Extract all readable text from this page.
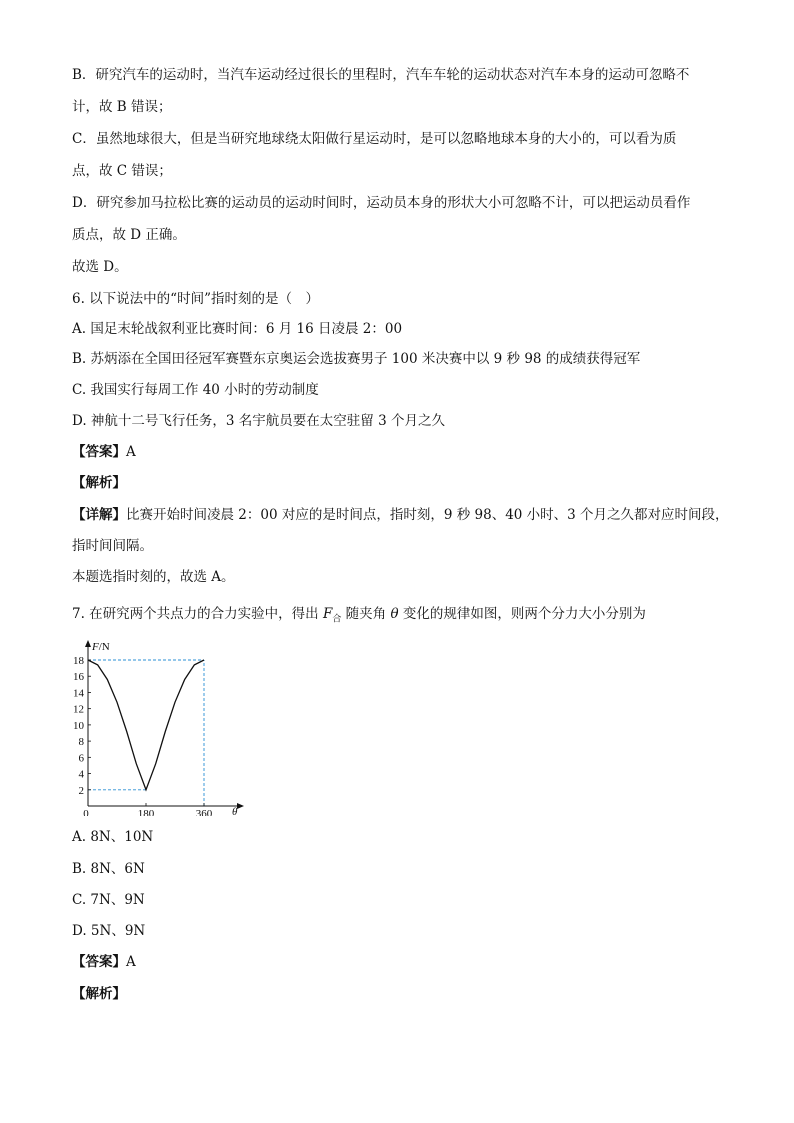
B．研究汽车的运动时，当汽车运动经过很长的里程时，汽车车轮的运动状态对汽车本身的运动可忽略不
计，故 B 错误；
C．虽然地球很大，但是当研究地球绕太阳做行星运动时，是可以忽略地球本身的大小的，可以看为质
点，故 C 错误；
D．研究参加马拉松比赛的运动员的运动时间时，运动员本身的形状大小可忽略不计，可以把运动员看作
质点，故 D 正确。
故选 D。
6. 以下说法中的“时间”指时刻的是（　）
A. 国足末轮战叙利亚比赛时间：6 月 16 日凌晨 2：00
B. 苏炳添在全国田径冠军赛暨东京奥运会选拔赛男子 100 米决赛中以 9 秒 98 的成绩获得冠军
C. 我国实行每周工作 40 小时的劳动制度
D. 神航十二号飞行任务，3 名宇航员要在太空驻留 3 个月之久
【答案】A
【解析】
【详解】比赛开始时间凌晨 2：00 对应的是时间点，指时刻，9 秒 98、40 小时、3 个月之久都对应时间段，
指时间间隔。
本题选指时刻的，故选 A。
7. 在研究两个共点力的合力实验中，得出 $F_合$ 随夹角 θ 变化的规律如图，则两个分力大小分别为
F/N
θ
2
4
6
8
10
12
14
16
18
0	180	360
A. 8N、10N
B. 8N、6N
C. 7N、9N
D. 5N、9N
【答案】A
【解析】
